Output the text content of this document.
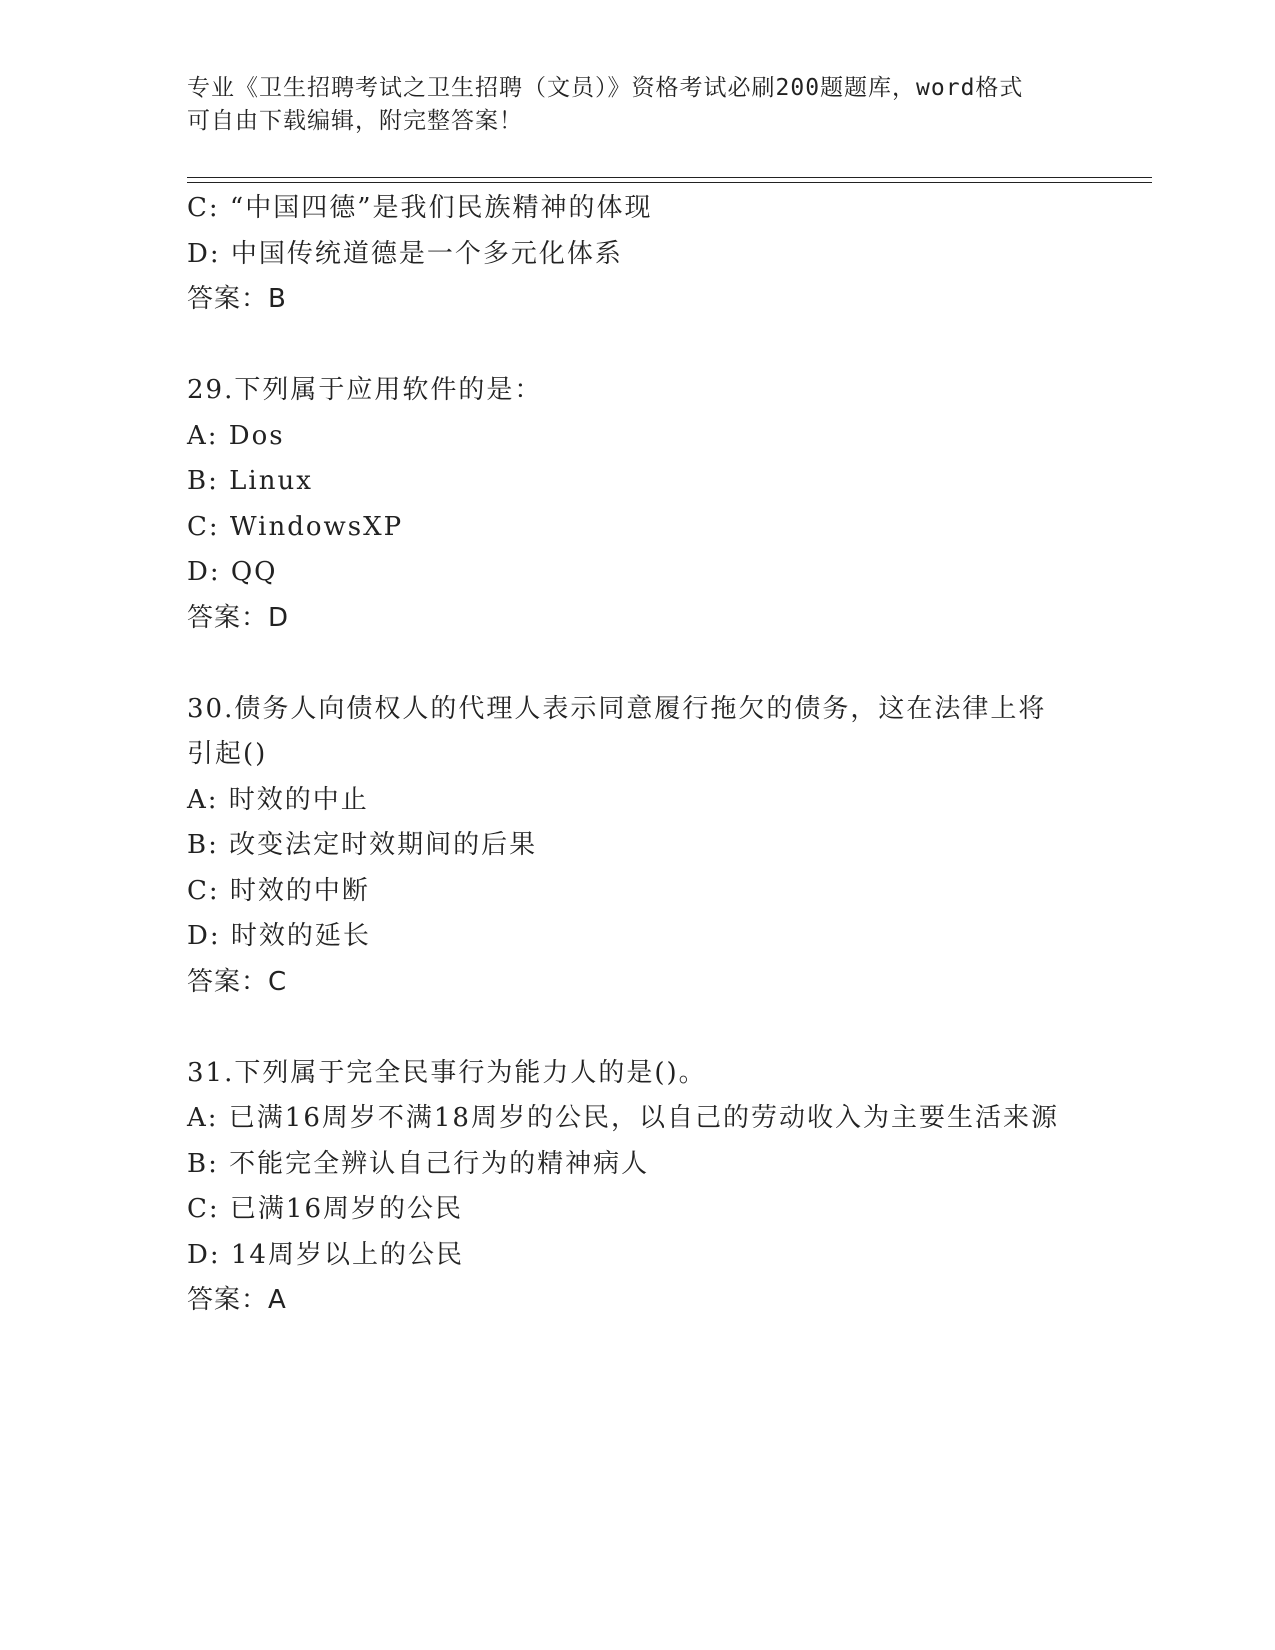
专业《卫生招聘考试之卫生招聘（文员）》资格考试必刷200题题库，word格式
可自由下载编辑，附完整答案！
C: “中国四德”是我们民族精神的体现
D: 中国传统道德是一个多元化体系
答案：B
29.下列属于应用软件的是：
A: Dos
B: Linux
C: WindowsXP
D: QQ
答案：D
30.债务人向债权人的代理人表示同意履行拖欠的债务，这在法律上将引起()
A: 时效的中止
B: 改变法定时效期间的后果
C: 时效的中断
D: 时效的延长
答案：C
31.下列属于完全民事行为能力人的是()。
A: 已满16周岁不满18周岁的公民，以自己的劳动收入为主要生活来源
B: 不能完全辨认自己行为的精神病人
C: 已满16周岁的公民
D: 14周岁以上的公民
答案：A
